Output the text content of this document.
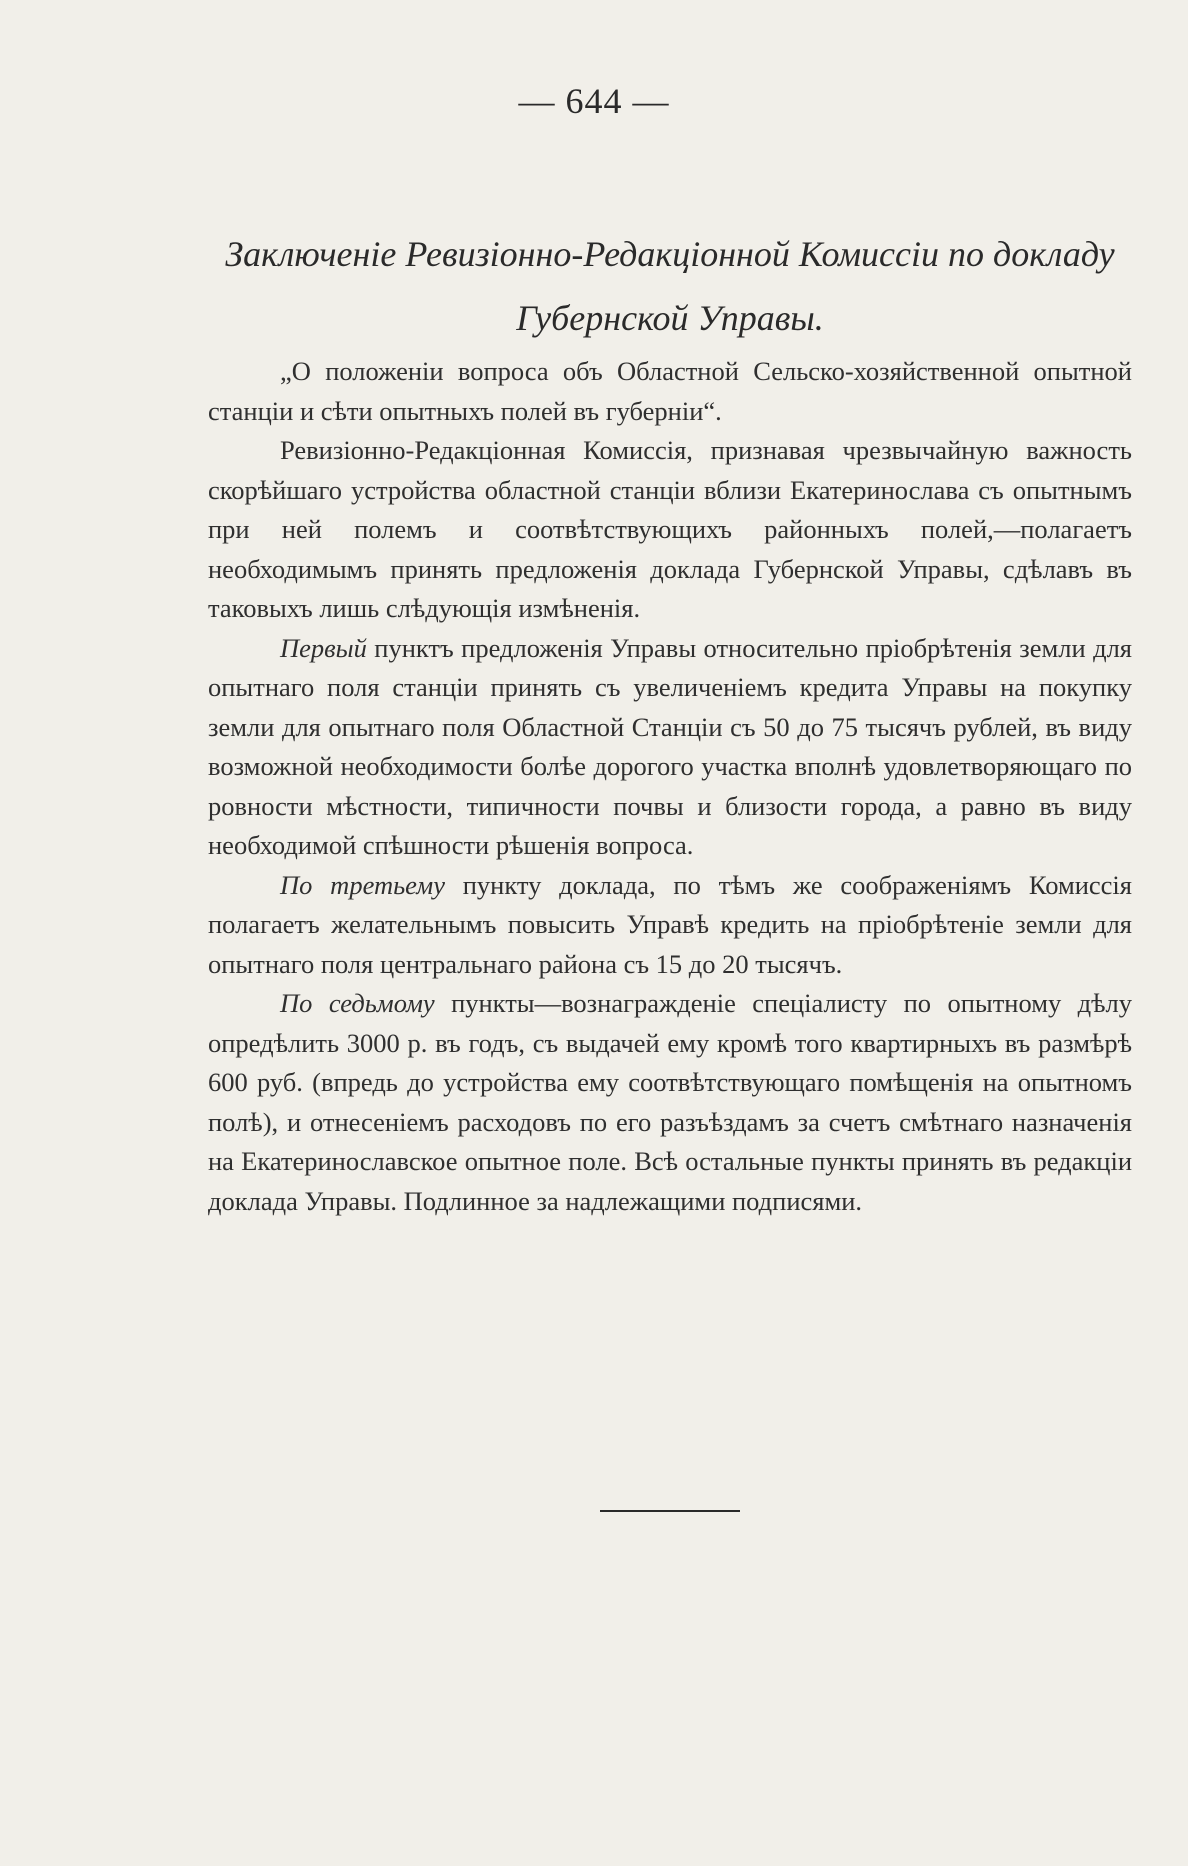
— 644 —
Заключеніе Ревизіонно-Редакціонной Комиссіи по докладу
Губернской Управы.

„О положеніи вопроса объ Областной Сельско-хозяйственной опытной станціи и сѣти опытныхъ полей въ губерніи“.

Ревизіонно-Редакціонная Комиссія, признавая чрезвычайную важность скорѣйшаго устройства областной станціи вблизи Екатеринослава съ опытнымъ при ней полемъ и соотвѣтствующихъ районныхъ полей,—полагаетъ необходимымъ принять предложенія доклада Губернской Управы, сдѣлавъ въ таковыхъ лишь слѣдующія измѣненія.

Первый пунктъ предложенія Управы относительно пріобрѣтенія земли для опытнаго поля станціи принять съ увеличеніемъ кредита Управы на покупку земли для опытнаго поля Областной Станціи съ 50 до 75 тысячъ рублей, въ виду возможной необходимости болѣе дорогого участка вполнѣ удовлетворяющаго по ровности мѣстности, типичности почвы и близости города, а равно въ виду необходимой спѣшности рѣшенія вопроса.

По третьему пункту доклада, по тѣмъ же соображеніямъ Комиссія полагаетъ желательнымъ повысить Управѣ кредить на пріобрѣтеніе земли для опытнаго поля центральнаго района съ 15 до 20 тысячъ.

По седьмому пункты—вознагражденіе спеціалисту по опытному дѣлу опредѣлить 3000 р. въ годъ, съ выдачей ему кромѣ того квартирныхъ въ размѣрѣ 600 руб. (впредь до устройства ему соотвѣтствующаго помѣщенія на опытномъ полѣ), и отнесеніемъ расходовъ по его разъѣздамъ за счетъ смѣтнаго назначенія на Екатеринославское опытное поле. Всѣ остальные пункты принять въ редакціи доклада Управы. Подлинное за надлежащими подписями.
